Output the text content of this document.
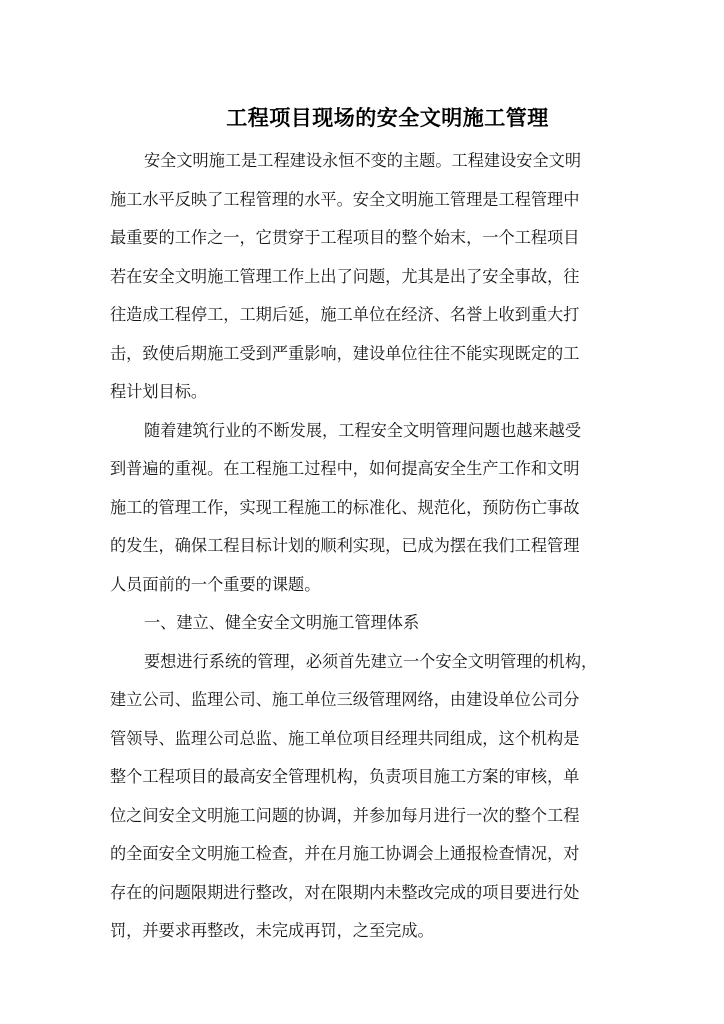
工程项目现场的安全文明施工管理
安全文明施工是工程建设永恒不变的主题。工程建设安全文明
施工水平反映了工程管理的水平。安全文明施工管理是工程管理中
最重要的工作之一，它贯穿于工程项目的整个始末，一个工程项目
若在安全文明施工管理工作上出了问题，尤其是出了安全事故，往
往造成工程停工，工期后延，施工单位在经济、名誉上收到重大打
击，致使后期施工受到严重影响，建设单位往往不能实现既定的工
程计划目标。
随着建筑行业的不断发展，工程安全文明管理问题也越来越受
到普遍的重视。在工程施工过程中，如何提高安全生产工作和文明
施工的管理工作，实现工程施工的标准化、规范化，预防伤亡事故
的发生，确保工程目标计划的顺利实现，已成为摆在我们工程管理
人员面前的一个重要的课题。
一、建立、健全安全文明施工管理体系
要想进行系统的管理，必须首先建立一个安全文明管理的机构，
建立公司、监理公司、施工单位三级管理网络，由建设单位公司分
管领导、监理公司总监、施工单位项目经理共同组成，这个机构是
整个工程项目的最高安全管理机构，负责项目施工方案的审核，单
位之间安全文明施工问题的协调，并参加每月进行一次的整个工程
的全面安全文明施工检查，并在月施工协调会上通报检查情况，对
存在的问题限期进行整改，对在限期内未整改完成的项目要进行处
罚，并要求再整改，未完成再罚，之至完成。
